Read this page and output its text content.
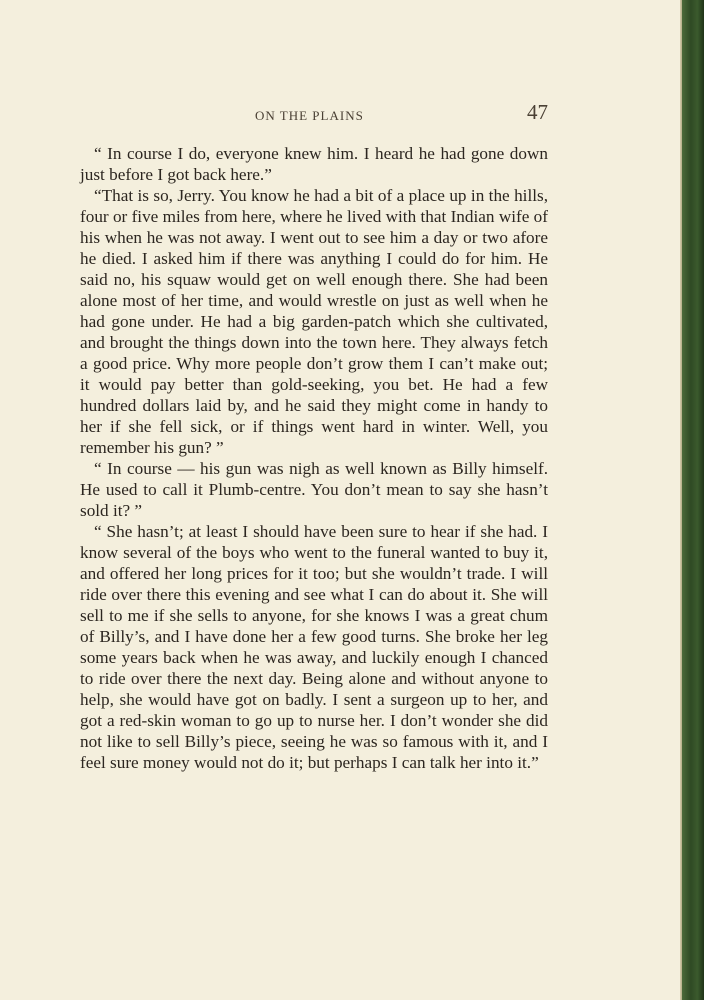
ON THE PLAINS	47

“ In course I do, everyone knew him. I heard he had gone down just before I got back here.”

“That is so, Jerry. You know he had a bit of a place up in the hills, four or five miles from here, where he lived with that Indian wife of his when he was not away. I went out to see him a day or two afore he died. I asked him if there was anything I could do for him. He said no, his squaw would get on well enough there. She had been alone most of her time, and would wrestle on just as well when he had gone under. He had a big garden-patch which she cultivated, and brought the things down into the town here. They always fetch a good price. Why more people don’t grow them I can’t make out; it would pay better than gold-seeking, you bet. He had a few hundred dollars laid by, and he said they might come in handy to her if she fell sick, or if things went hard in winter. Well, you remember his gun? ”

“ In course — his gun was nigh as well known as Billy himself. He used to call it Plumb-centre. You don’t mean to say she hasn’t sold it? ”

“ She hasn’t; at least I should have been sure to hear if she had. I know several of the boys who went to the funeral wanted to buy it, and offered her long prices for it too; but she wouldn’t trade. I will ride over there this evening and see what I can do about it. She will sell to me if she sells to anyone, for she knows I was a great chum of Billy’s, and I have done her a few good turns. She broke her leg some years back when he was away, and luckily enough I chanced to ride over there the next day. Being alone and without anyone to help, she would have got on badly. I sent a surgeon up to her, and got a red-skin woman to go up to nurse her. I don’t wonder she did not like to sell Billy’s piece, seeing he was so famous with it, and I feel sure money would not do it; but perhaps I can talk her into it.”
